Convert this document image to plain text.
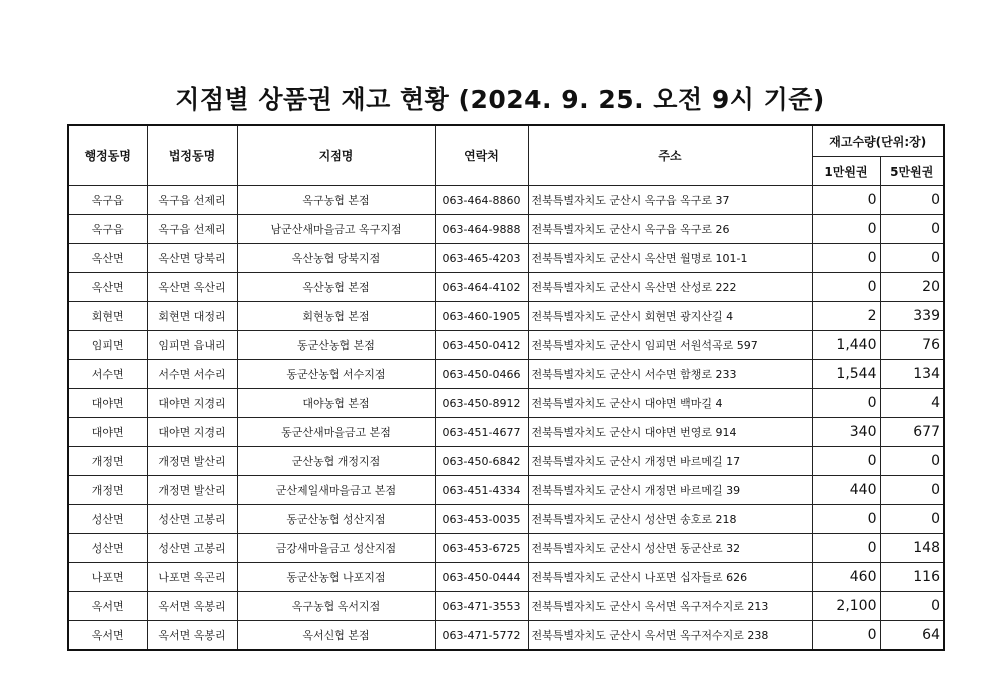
지점별 상품권 재고 현황 (2024. 9. 25. 오전 9시 기준)
행정동명	법정동명	지점명	연락처	주소	재고수량(단위:장)	
					1만원권	5만원권
옥구읍	옥구읍 선제리	옥구농협 본점	063-464-8860	전북특별자치도 군산시 옥구읍 옥구로 37	0	0
옥구읍	옥구읍 선제리	남군산새마을금고 옥구지점	063-464-9888	전북특별자치도 군산시 옥구읍 옥구로 26	0	0
옥산면	옥산면 당북리	옥산농협 당북지점	063-465-4203	전북특별자치도 군산시 옥산면 월명로 101-1	0	0
옥산면	옥산면 옥산리	옥산농협 본점	063-464-4102	전북특별자치도 군산시 옥산면 산성로 222	0	20
회현면	회현면 대정리	회현농협 본점	063-460-1905	전북특별자치도 군산시 회현면 광지산길 4	2	339
임피면	임피면 읍내리	동군산농협 본점	063-450-0412	전북특별자치도 군산시 임피면 서원석곡로 597	1,440	76
서수면	서수면 서수리	동군산농협 서수지점	063-450-0466	전북특별자치도 군산시 서수면 함챙로 233	1,544	134
대야면	대야면 지경리	대야농협 본점	063-450-8912	전북특별자치도 군산시 대야면 백마길 4	0	4
대야면	대야면 지경리	동군산새마을금고 본점	063-451-4677	전북특별자치도 군산시 대야면 번영로 914	340	677
개정면	개정면 발산리	군산농협 개정지점	063-450-6842	전북특별자치도 군산시 개정면 바르메길 17	0	0
개정면	개정면 발산리	군산제일새마을금고 본점	063-451-4334	전북특별자치도 군산시 개정면 바르메길 39	440	0
성산면	성산면 고봉리	동군산농협 성산지점	063-453-0035	전북특별자치도 군산시 성산면 송호로 218	0	0
성산면	성산면 고봉리	금강새마을금고 성산지점	063-453-6725	전북특별자치도 군산시 성산면 동군산로 32	0	148
나포면	나포면 옥곤리	동군산농협 나포지점	063-450-0444	전북특별자치도 군산시 나포면 십자들로 626	460	116
옥서면	옥서면 옥봉리	옥구농협 옥서지점	063-471-3553	전북특별자치도 군산시 옥서면 옥구저수지로 213	2,100	0
옥서면	옥서면 옥봉리	옥서신협 본점	063-471-5772	전북특별자치도 군산시 옥서면 옥구저수지로 238	0	64
